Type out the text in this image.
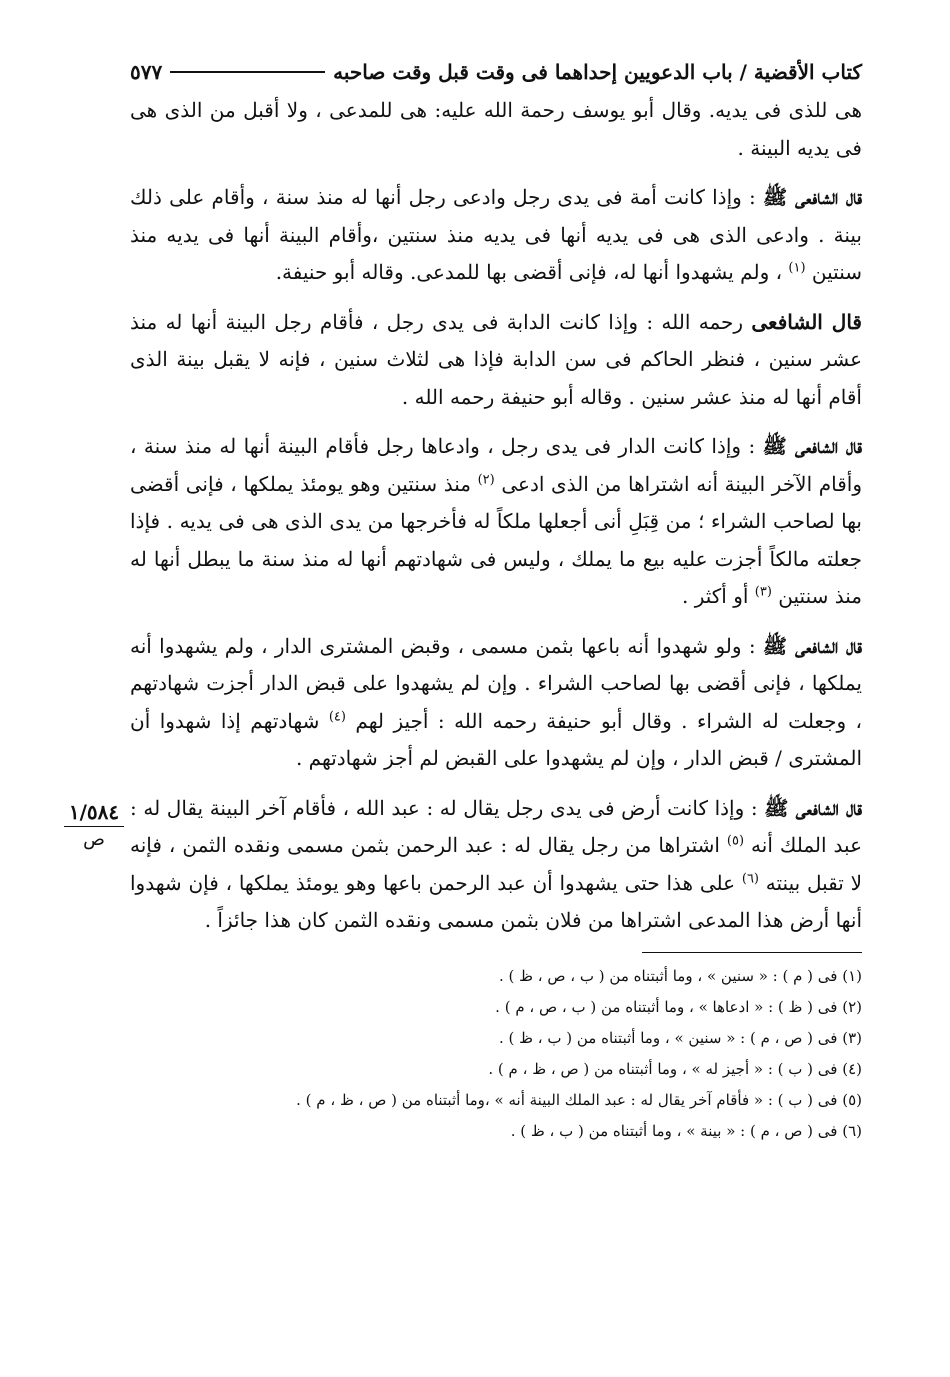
كتاب الأقضية / باب الدعويين إحداهما فى وقت قبل وقت صاحبه
٥٧٧

هى للذى فى يديه. وقال أبو يوسف رحمة الله عليه: هى للمدعى ، ولا أقبل من الذى هى فى يديه البينة .

قال الشافعى ﷺ : وإذا كانت أمة فى يدى رجل وادعى رجل أنها له منذ سنة ، وأقام على ذلك بينة . وادعى الذى هى فى يديه أنها فى يديه منذ سنتين ،وأقام البينة أنها فى يديه منذ سنتين $^{(١)}$ ، ولم يشهدوا أنها له، فإنى أقضى بها للمدعى. وقاله أبو حنيفة.

قال الشافعى رحمه الله : وإذا كانت الدابة فى يدى رجل ، فأقام رجل البينة أنها له منذ عشر سنين ، فنظر الحاكم فى سن الدابة فإذا هى لثلاث سنين ، فإنه لا يقبل بينة الذى أقام أنها له منذ عشر سنين . وقاله أبو حنيفة رحمه الله .

قال الشافعى ﷺ : وإذا كانت الدار فى يدى رجل ، وادعاها رجل فأقام البينة أنها له منذ سنة ، وأقام الآخر البينة أنه اشتراها من الذى ادعى $^{(٢)}$ منذ سنتين وهو يومئذ يملكها ، فإنى أقضى بها لصاحب الشراء ؛ من قِبَلِ أنى أجعلها ملكاً له فأخرجها من يدى الذى هى فى يديه . فإذا جعلته مالكاً أجزت عليه بيع ما يملك ، وليس فى شهادتهم أنها له منذ سنة ما يبطل أنها له منذ سنتين $^{(٣)}$ أو أكثر .

قال الشافعى ﷺ : ولو شهدوا أنه باعها بثمن مسمى ، وقبض المشترى الدار ، ولم يشهدوا أنه يملكها ، فإنى أقضى بها لصاحب الشراء . وإن لم يشهدوا على قبض الدار أجزت شهادتهم ، وجعلت له الشراء . وقال أبو حنيفة رحمه الله : أجيز لهم $^{(٤)}$ شهادتهم إذا شهدوا أن المشترى / قبض الدار ، وإن لم يشهدوا على القبض لم أجز شهادتهم .

قال الشافعى ﷺ : وإذا كانت أرض فى يدى رجل يقال له : عبد الله ، فأقام آخر البينة يقال له : عبد الملك أنه $^{(٥)}$ اشتراها من رجل يقال له : عبد الرحمن بثمن مسمى ونقده الثمن ، فإنه لا تقبل بينته $^{(٦)}$ على هذا حتى يشهدوا أن عبد الرحمن باعها وهو يومئذ يملكها ، فإن شهدوا أنها أرض هذا المدعى اشتراها من فلان بثمن مسمى ونقده الثمن كان هذا جائزاً .

(١) فى ( م ) : « سنين » ، وما أثبتناه من ( ب ، ص ، ظ ) .
(٢) فى ( ظ ) : « ادعاها » ، وما أثبتناه من ( ب ، ص ، م ) .
(٣) فى ( ص ، م ) : « سنين » ، وما أثبتناه من ( ب ، ظ ) .
(٤) فى ( ب ) : « أجيز له » ، وما أثبتناه من ( ص ، ظ ، م ) .
(٥) فى ( ب ) : « فأقام آخر يقال له : عبد الملك البينة أنه » ،وما أثبتناه من ( ص ، ظ ، م ) .
(٦) فى ( ص ، م ) : « بينة » ، وما أثبتناه من ( ب ، ظ ) .
١/٥٨٤
ص
